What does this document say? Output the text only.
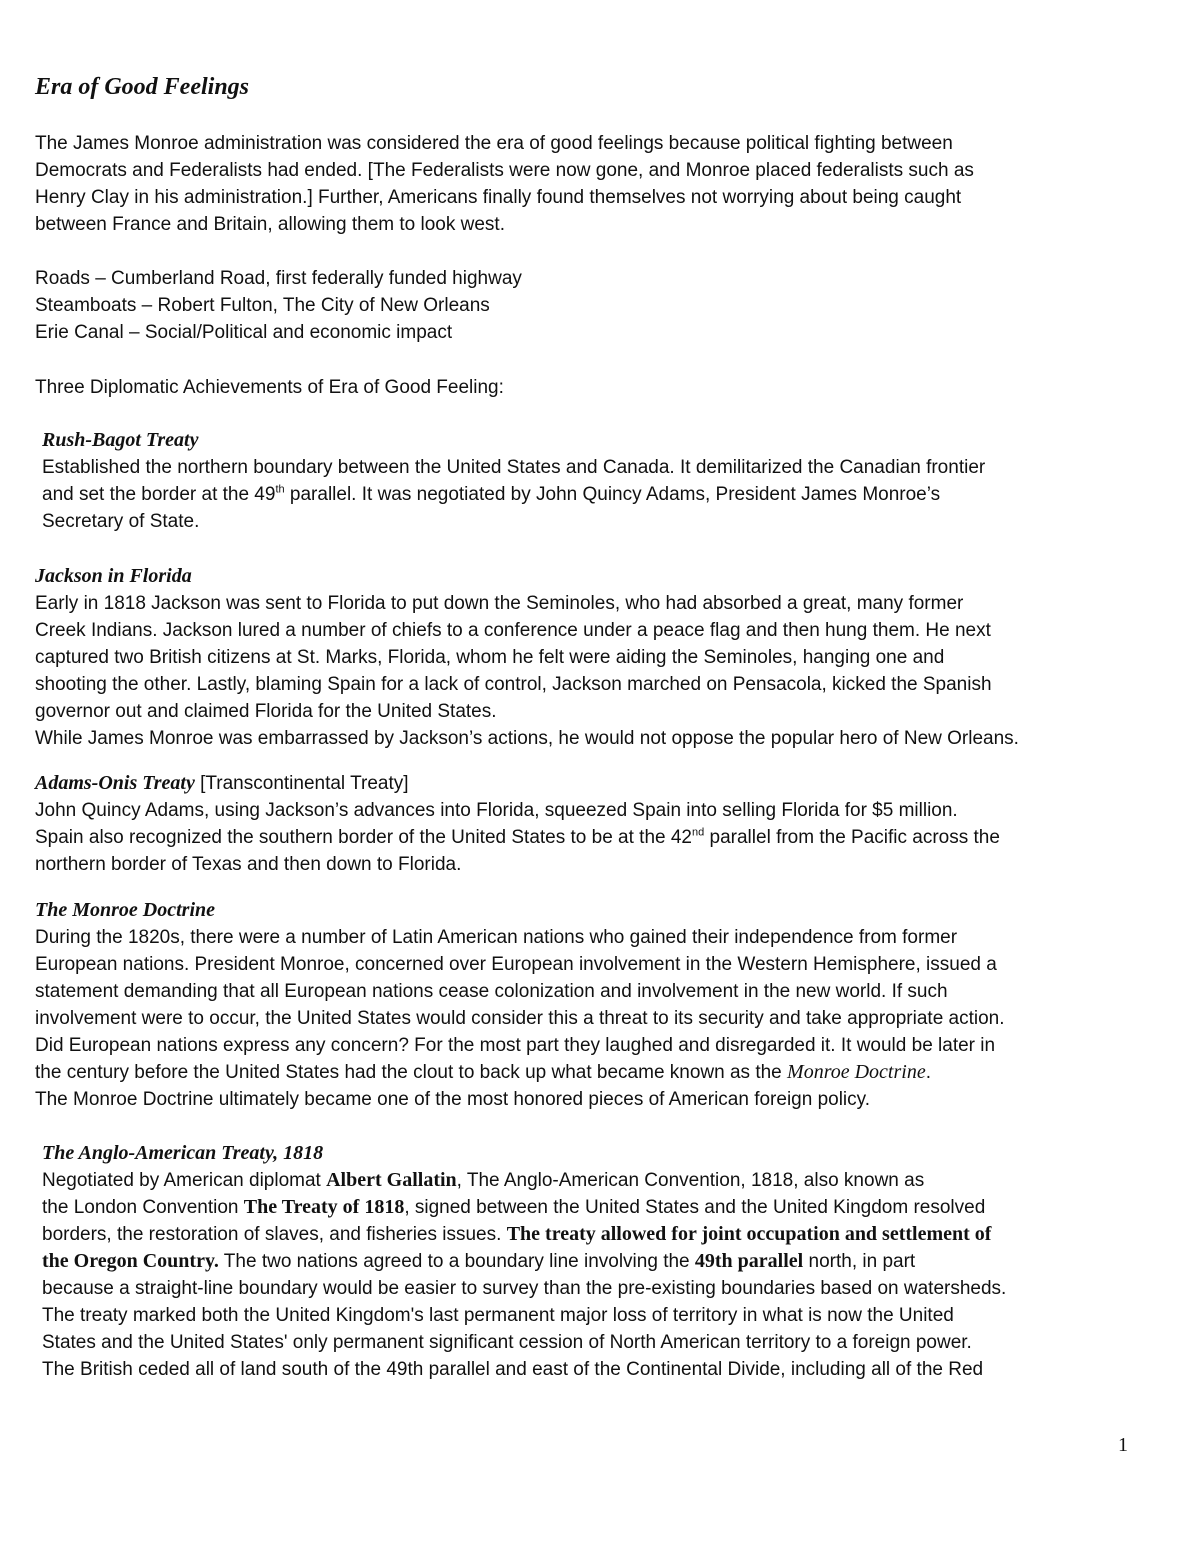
Era of Good Feelings

The James Monroe administration was considered the era of good feelings because political fighting between

Democrats and Federalists had ended. [The Federalists were now gone, and Monroe placed federalists such as

Henry Clay in his administration.] Further, Americans finally found themselves not worrying about being caught

between France and Britain, allowing them to look west.

Roads – Cumberland Road, first federally funded highway

Steamboats – Robert Fulton, The City of New Orleans

Erie Canal – Social/Political and economic impact

Three Diplomatic Achievements of Era of Good Feeling:

Rush-Bagot Treaty

Established the northern boundary between the United States and Canada. It demilitarized the Canadian frontier

and set the border at the 49th parallel. It was negotiated by John Quincy Adams, President James Monroe’s

Secretary of State.

Jackson in Florida

Early in 1818 Jackson was sent to Florida to put down the Seminoles, who had absorbed a great, many former

Creek Indians. Jackson lured a number of chiefs to a conference under a peace flag and then hung them. He next

captured two British citizens at St. Marks, Florida, whom he felt were aiding the Seminoles, hanging one and

shooting the other. Lastly, blaming Spain for a lack of control, Jackson marched on Pensacola, kicked the Spanish

governor out and claimed Florida for the United States.

While James Monroe was embarrassed by Jackson’s actions, he would not oppose the popular hero of New Orleans.

Adams-Onis Treaty [Transcontinental Treaty]

John Quincy Adams, using Jackson’s advances into Florida, squeezed Spain into selling Florida for $5 million.

Spain also recognized the southern border of the United States to be at the 42nd parallel from the Pacific across the

northern border of Texas and then down to Florida.

The Monroe Doctrine

During the 1820s, there were a number of Latin American nations who gained their independence from former

European nations. President Monroe, concerned over European involvement in the Western Hemisphere, issued a

statement demanding that all European nations cease colonization and involvement in the new world. If such

involvement were to occur, the United States would consider this a threat to its security and take appropriate action.

Did European nations express any concern? For the most part they laughed and disregarded it. It would be later in

the century before the United States had the clout to back up what became known as the Monroe Doctrine.

The Monroe Doctrine ultimately became one of the most honored pieces of American foreign policy.

The Anglo-American Treaty, 1818

Negotiated by American diplomat Albert Gallatin, The Anglo-American Convention, 1818, also known as

the London Convention The Treaty of 1818, signed between the United States and the United Kingdom resolved

borders, the restoration of slaves, and fisheries issues. The treaty allowed for joint occupation and settlement of

the Oregon Country. The two nations agreed to a boundary line involving the 49th parallel north, in part

because a straight-line boundary would be easier to survey than the pre-existing boundaries based on watersheds.

The treaty marked both the United Kingdom's last permanent major loss of territory in what is now the United

States and the United States' only permanent significant cession of North American territory to a foreign power.

The British ceded all of land south of the 49th parallel and east of the Continental Divide, including all of the Red

1
